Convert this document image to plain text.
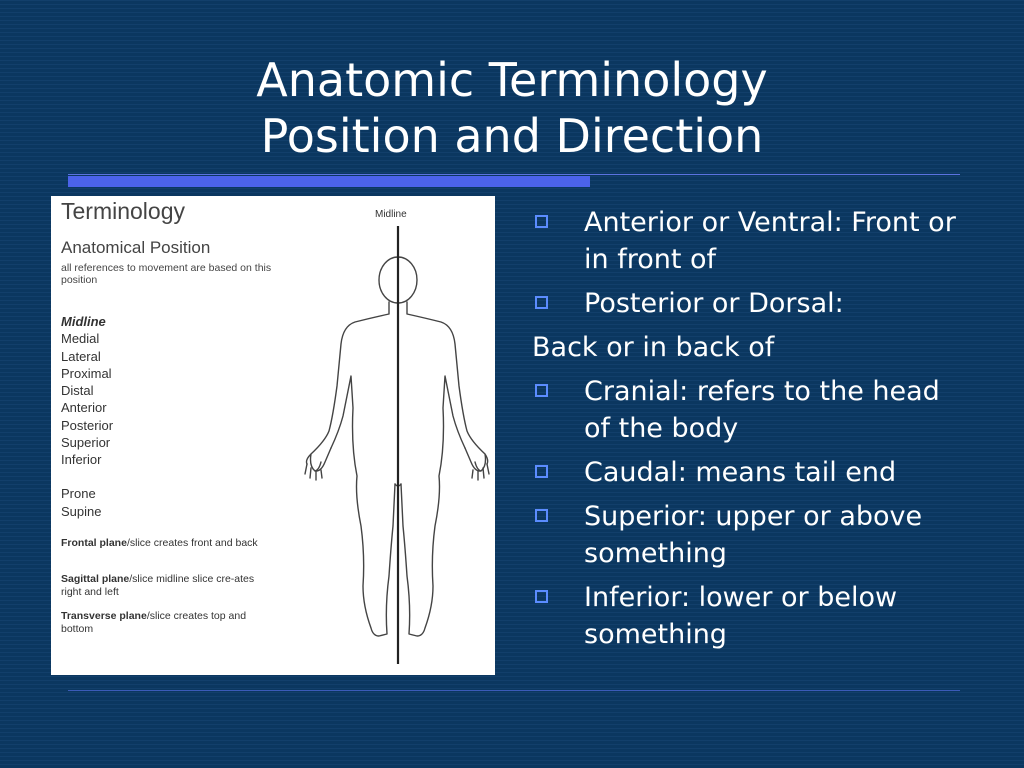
Anatomic Terminology
Position and Direction
Terminology
Anatomical Position
all references to movement are based on this position
Midline
Medial
Lateral
Proximal
Distal
Anterior
Posterior
Superior
Inferior
Prone
Supine
Frontal plane/slice creates front and back
Sagittal plane/slice midline slice cre-ates right and left
Transverse plane/slice creates top and bottom
Midline	Anterior or Ventral: Front or in front of
Posterior or Dorsal:
Back or in back of
Cranial: refers to the head of the body
Caudal: means tail end
Superior: upper or above something
Inferior: lower or below something
